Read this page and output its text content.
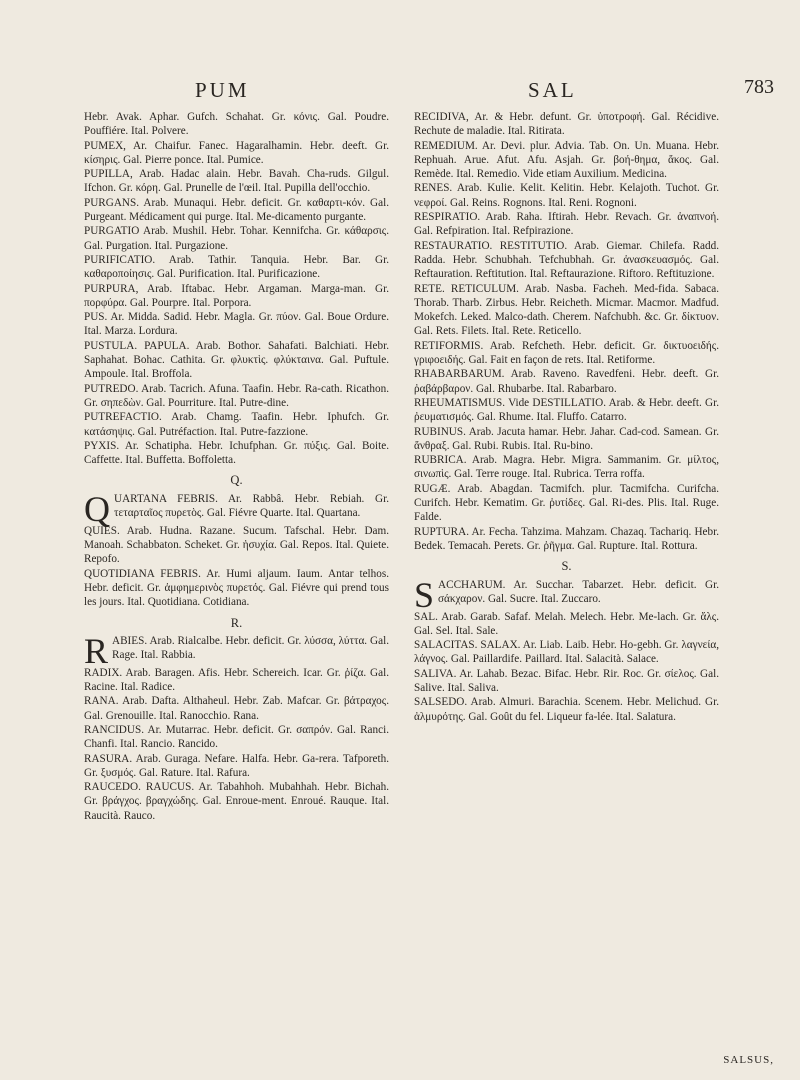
PUM	SAL	783

Hebr. Avak. Aphar. Gufch. Schahat. Gr. κόνις. Gal. Poudre. Pouffiére. Ital. Polvere.

PUMEX, Ar. Chaifur. Fanec. Hagaralhamin. Hebr. deeft. Gr. κίσηρις. Gal. Pierre ponce. Ital. Pumice.

PUPILLA, Arab. Hadac alain. Hebr. Bavah. Cha-ruds. Gilgul. Ifchon. Gr. κόρη. Gal. Prunelle de l'œil. Ital. Pupilla dell'occhio.

PURGANS. Arab. Munaqui. Hebr. deficit. Gr. καθαρτι-κόν. Gal. Purgeant. Médicament qui purge. Ital. Me-dicamento purgante.

PURGATIO Arab. Mushil. Hebr. Tohar. Kennifcha. Gr. κάθαρσις. Gal. Purgation. Ital. Purgazione.

PURIFICATIO. Arab. Tathir. Tanquia. Hebr. Bar. Gr. καθαροποίησις. Gal. Purification. Ital. Purificazione.

PURPURA, Arab. Iftabac. Hebr. Argaman. Marga-man. Gr. πορφύρα. Gal. Pourpre. Ital. Porpora.

PUS. Ar. Midda. Sadid. Hebr. Magla. Gr. πύον. Gal. Boue Ordure. Ital. Marza. Lordura.

PUSTULA. PAPULA. Arab. Bothor. Sahafati. Balchiati. Hebr. Saphahat. Bohac. Cathita. Gr. φλυκτὶς. φλύκταινα. Gal. Puftule. Ampoule. Ital. Broffola.

PUTREDO. Arab. Tacrich. Afuna. Taafin. Hebr. Ra-cath. Ricathon. Gr. σηπεδὼν. Gal. Pourriture. Ital. Putre-dine.

PUTREFACTIO. Arab. Chamg. Taafin. Hebr. Iphufch. Gr. κατάσηψις. Gal. Putréfaction. Ital. Putre-fazzione.

PYXIS. Ar. Schatipha. Hebr. Ichufphan. Gr. πύξις. Gal. Boite. Caffette. Ital. Buffetta. Boffoletta.

Q.
Q UARTANA FEBRIS. Ar. Rabbâ. Hebr. Rebiah. Gr. τεταρταῖος πυρετὸς. Gal. Fiévre Quarte. Ital. Quartana.

QUIES. Arab. Hudna. Razane. Sucum. Tafschal. Hebr. Dam. Manoah. Schabbaton. Scheket. Gr. ἡσυχία. Gal. Repos. Ital. Quiete. Repofo.

QUOTIDIANA FEBRIS. Ar. Humi aljaum. Iaum. Antar telhos. Hebr. deficit. Gr. ἀμφημερινὸς πυρετός. Gal. Fiévre qui prend tous les jours. Ital. Quotidiana. Cotidiana.

R.
R ABIES. Arab. Rialcalbe. Hebr. deficit. Gr. λύσσα, λύττα. Gal. Rage. Ital. Rabbia.

RADIX. Arab. Baragen. Afis. Hebr. Schereich. Icar. Gr. ῥίζα. Gal. Racine. Ital. Radice.

RANA. Arab. Dafta. Althaheul. Hebr. Zab. Mafcar. Gr. βάτραχος. Gal. Grenouille. Ital. Ranocchio. Rana.

RANCIDUS. Ar. Mutarrac. Hebr. deficit. Gr. σαπρόν. Gal. Ranci. Chanfi. Ital. Rancio. Rancido.

RASURA. Arab. Guraga. Nefare. Halfa. Hebr. Ga-rera. Tafporeth. Gr. ξυσμός. Gal. Rature. Ital. Rafura.

RAUCEDO. RAUCUS. Ar. Tabahhoh. Mubahhah. Hebr. Bichah. Gr. βράγχος. βραγχώδης. Gal. Enroue-ment. Enroué. Rauque. Ital. Raucità. Rauco.

RECIDIVA, Ar. & Hebr. defunt. Gr. ὑποτροφή. Gal. Récidive. Rechute de maladie. Ital. Ritirata.

REMEDIUM. Ar. Devi. plur. Advia. Tab. On. Un. Muana. Hebr. Rephuah. Arue. Afut. Afu. Asjah. Gr. βοή-θημα, ἄκος. Gal. Remède. Ital. Remedio. Vide etiam Auxilium. Medicina.

RENES. Arab. Kulie. Kelit. Kelitin. Hebr. Kelajoth. Tuchot. Gr. νεφροί. Gal. Reins. Rognons. Ital. Reni. Rognoni.

RESPIRATIO. Arab. Raha. Iftirah. Hebr. Revach. Gr. ἀναπνοή. Gal. Refpiration. Ital. Refpirazione.

RESTAURATIO. RESTITUTIO. Arab. Giemar. Chilefa. Radd. Radda. Hebr. Schubhah. Tefchubhah. Gr. ἀνασκευασμός. Gal. Reftauration. Reftitution. Ital. Reftaurazione. Riftoro. Reftituzione.

RETE. RETICULUM. Arab. Nasba. Facheh. Med-fida. Sabaca. Thorab. Tharb. Zirbus. Hebr. Reicheth. Micmar. Macmor. Madfud. Mokefch. Leked. Malco-dath. Cherem. Nafchubh. &c. Gr. δίκτυον. Gal. Rets. Filets. Ital. Rete. Reticello.

RETIFORMIS. Arab. Refcheth. Hebr. deficit. Gr. δικτυοειδής. γριφοειδής. Gal. Fait en façon de rets. Ital. Retiforme.

RHABARBARUM. Arab. Raveno. Ravedfeni. Hebr. deeft. Gr. ῥαβάρβαρον. Gal. Rhubarbe. Ital. Rabarbaro.

RHEUMATISMUS. Vide DESTILLATIO. Arab. & Hebr. deeft. Gr. ῥευματισμός. Gal. Rhume. Ital. Fluffo. Catarro.

RUBINUS. Arab. Jacuta hamar. Hebr. Jahar. Cad-cod. Samean. Gr. ἄνθραξ. Gal. Rubi. Rubis. Ital. Ru-bino.

RUBRICA. Arab. Magra. Hebr. Migra. Sammanim. Gr. μίλτος, σινωπὶς. Gal. Terre rouge. Ital. Rubrica. Terra roffa.

RUGÆ. Arab. Abagdan. Tacmifch. plur. Tacmifcha. Curifcha. Curifch. Hebr. Kematim. Gr. ῥυτίδες. Gal. Ri-des. Plis. Ital. Ruge. Falde.

RUPTURA. Ar. Fecha. Tahzima. Mahzam. Chazaq. Tachariq. Hebr. Bedek. Temacah. Perets. Gr. ῥῆγμα. Gal. Rupture. Ital. Rottura.

S.
S ACCHARUM. Ar. Succhar. Tabarzet. Hebr. deficit. Gr. σάκχαρον. Gal. Sucre. Ital. Zuccaro.

SAL. Arab. Garab. Safaf. Melah. Melech. Hebr. Me-lach. Gr. ἅλς. Gal. Sel. Ital. Sale.

SALACITAS. SALAX. Ar. Liab. Laib. Hebr. Ho-gebh. Gr. λαγνεία, λάγνος. Gal. Paillardife. Paillard. Ital. Salacità. Salace.

SALIVA. Ar. Lahab. Bezac. Bifac. Hebr. Rir. Roc. Gr. σίελος. Gal. Salive. Ital. Saliva.

SALSEDO. Arab. Almuri. Barachia. Scenem. Hebr. Melichud. Gr. ἁλμυρότης. Gal. Goût du fel. Liqueur fa-lée. Ital. Salatura.

SALSUS,
